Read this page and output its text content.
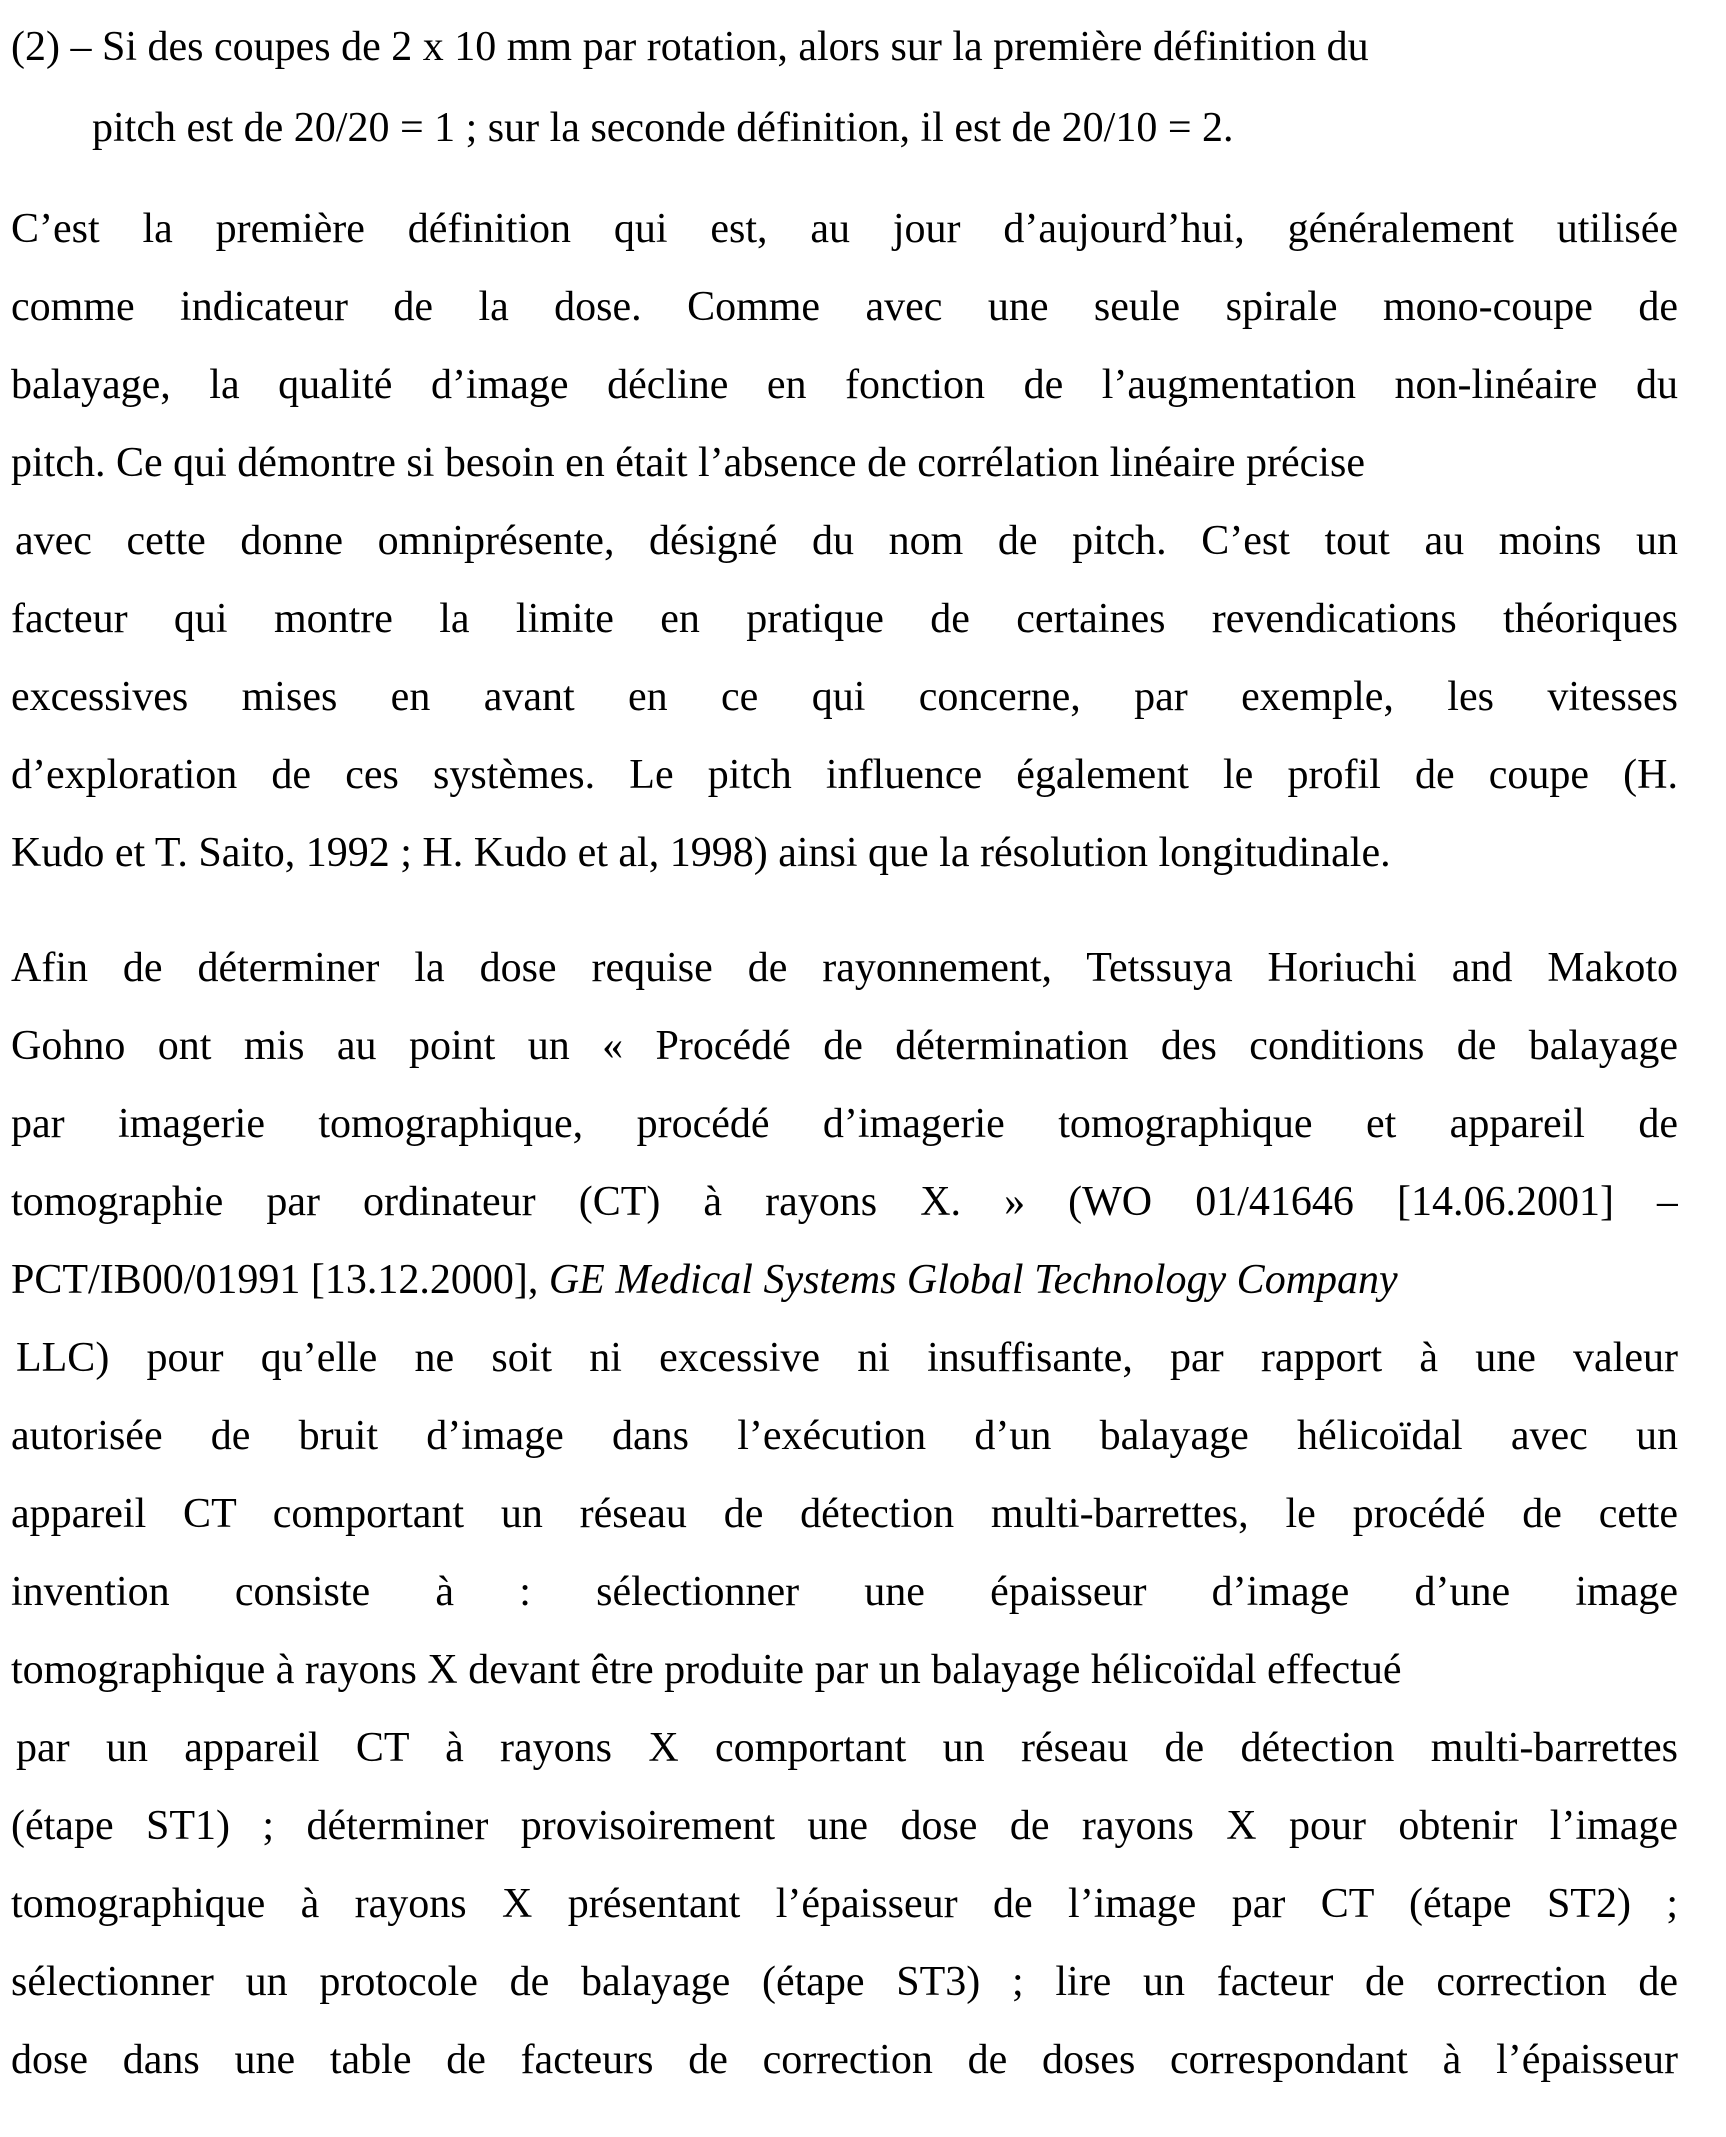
(2) – Si des coupes de 2 x 10 mm par rotation, alors sur la première définition du
pitch est de 20/20 = 1 ; sur la seconde définition, il est de 20/10 = 2.
C’est la première définition qui est, au jour d’aujourd’hui, généralement utilisée
comme indicateur de la dose. Comme avec une seule spirale mono-coupe de
balayage, la qualité d’image décline en fonction de l’augmentation non-linéaire du
pitch. Ce qui démontre si besoin en était l’absence de corrélation linéaire précise
avec cette donne omniprésente, désigné du nom de pitch. C’est tout au moins un
facteur qui montre la limite en pratique de certaines revendications théoriques
excessives mises en avant en ce qui concerne, par exemple, les vitesses
d’exploration de ces systèmes. Le pitch influence également le profil de coupe (H.
Kudo et T. Saito, 1992 ; H. Kudo et al, 1998) ainsi que la résolution longitudinale.
Afin de déterminer la dose requise de rayonnement, Tetssuya Horiuchi and Makoto
Gohno ont mis au point un « Procédé de détermination des conditions de balayage
par imagerie tomographique, procédé d’imagerie tomographique et appareil de
tomographie par ordinateur (CT) à rayons X. » (WO 01/41646 [14.06.2001] –
PCT/IB00/01991 [13.12.2000], GE Medical Systems Global Technology Company
LLC) pour qu’elle ne soit ni excessive ni insuffisante, par rapport à une valeur
autorisée de bruit d’image dans l’exécution d’un balayage hélicoïdal avec un
appareil CT comportant un réseau de détection multi-barrettes, le procédé de cette
invention consiste à : sélectionner une épaisseur d’image d’une image
tomographique à rayons X devant être produite par un balayage hélicoïdal effectué
par un appareil CT à rayons X comportant un réseau de détection multi-barrettes
(étape ST1) ; déterminer provisoirement une dose de rayons X pour obtenir l’image
tomographique à rayons X présentant l’épaisseur de l’image par CT (étape ST2) ;
sélectionner un protocole de balayage (étape ST3) ; lire un facteur de correction de
dose dans une table de facteurs de correction de doses correspondant à l’épaisseur
